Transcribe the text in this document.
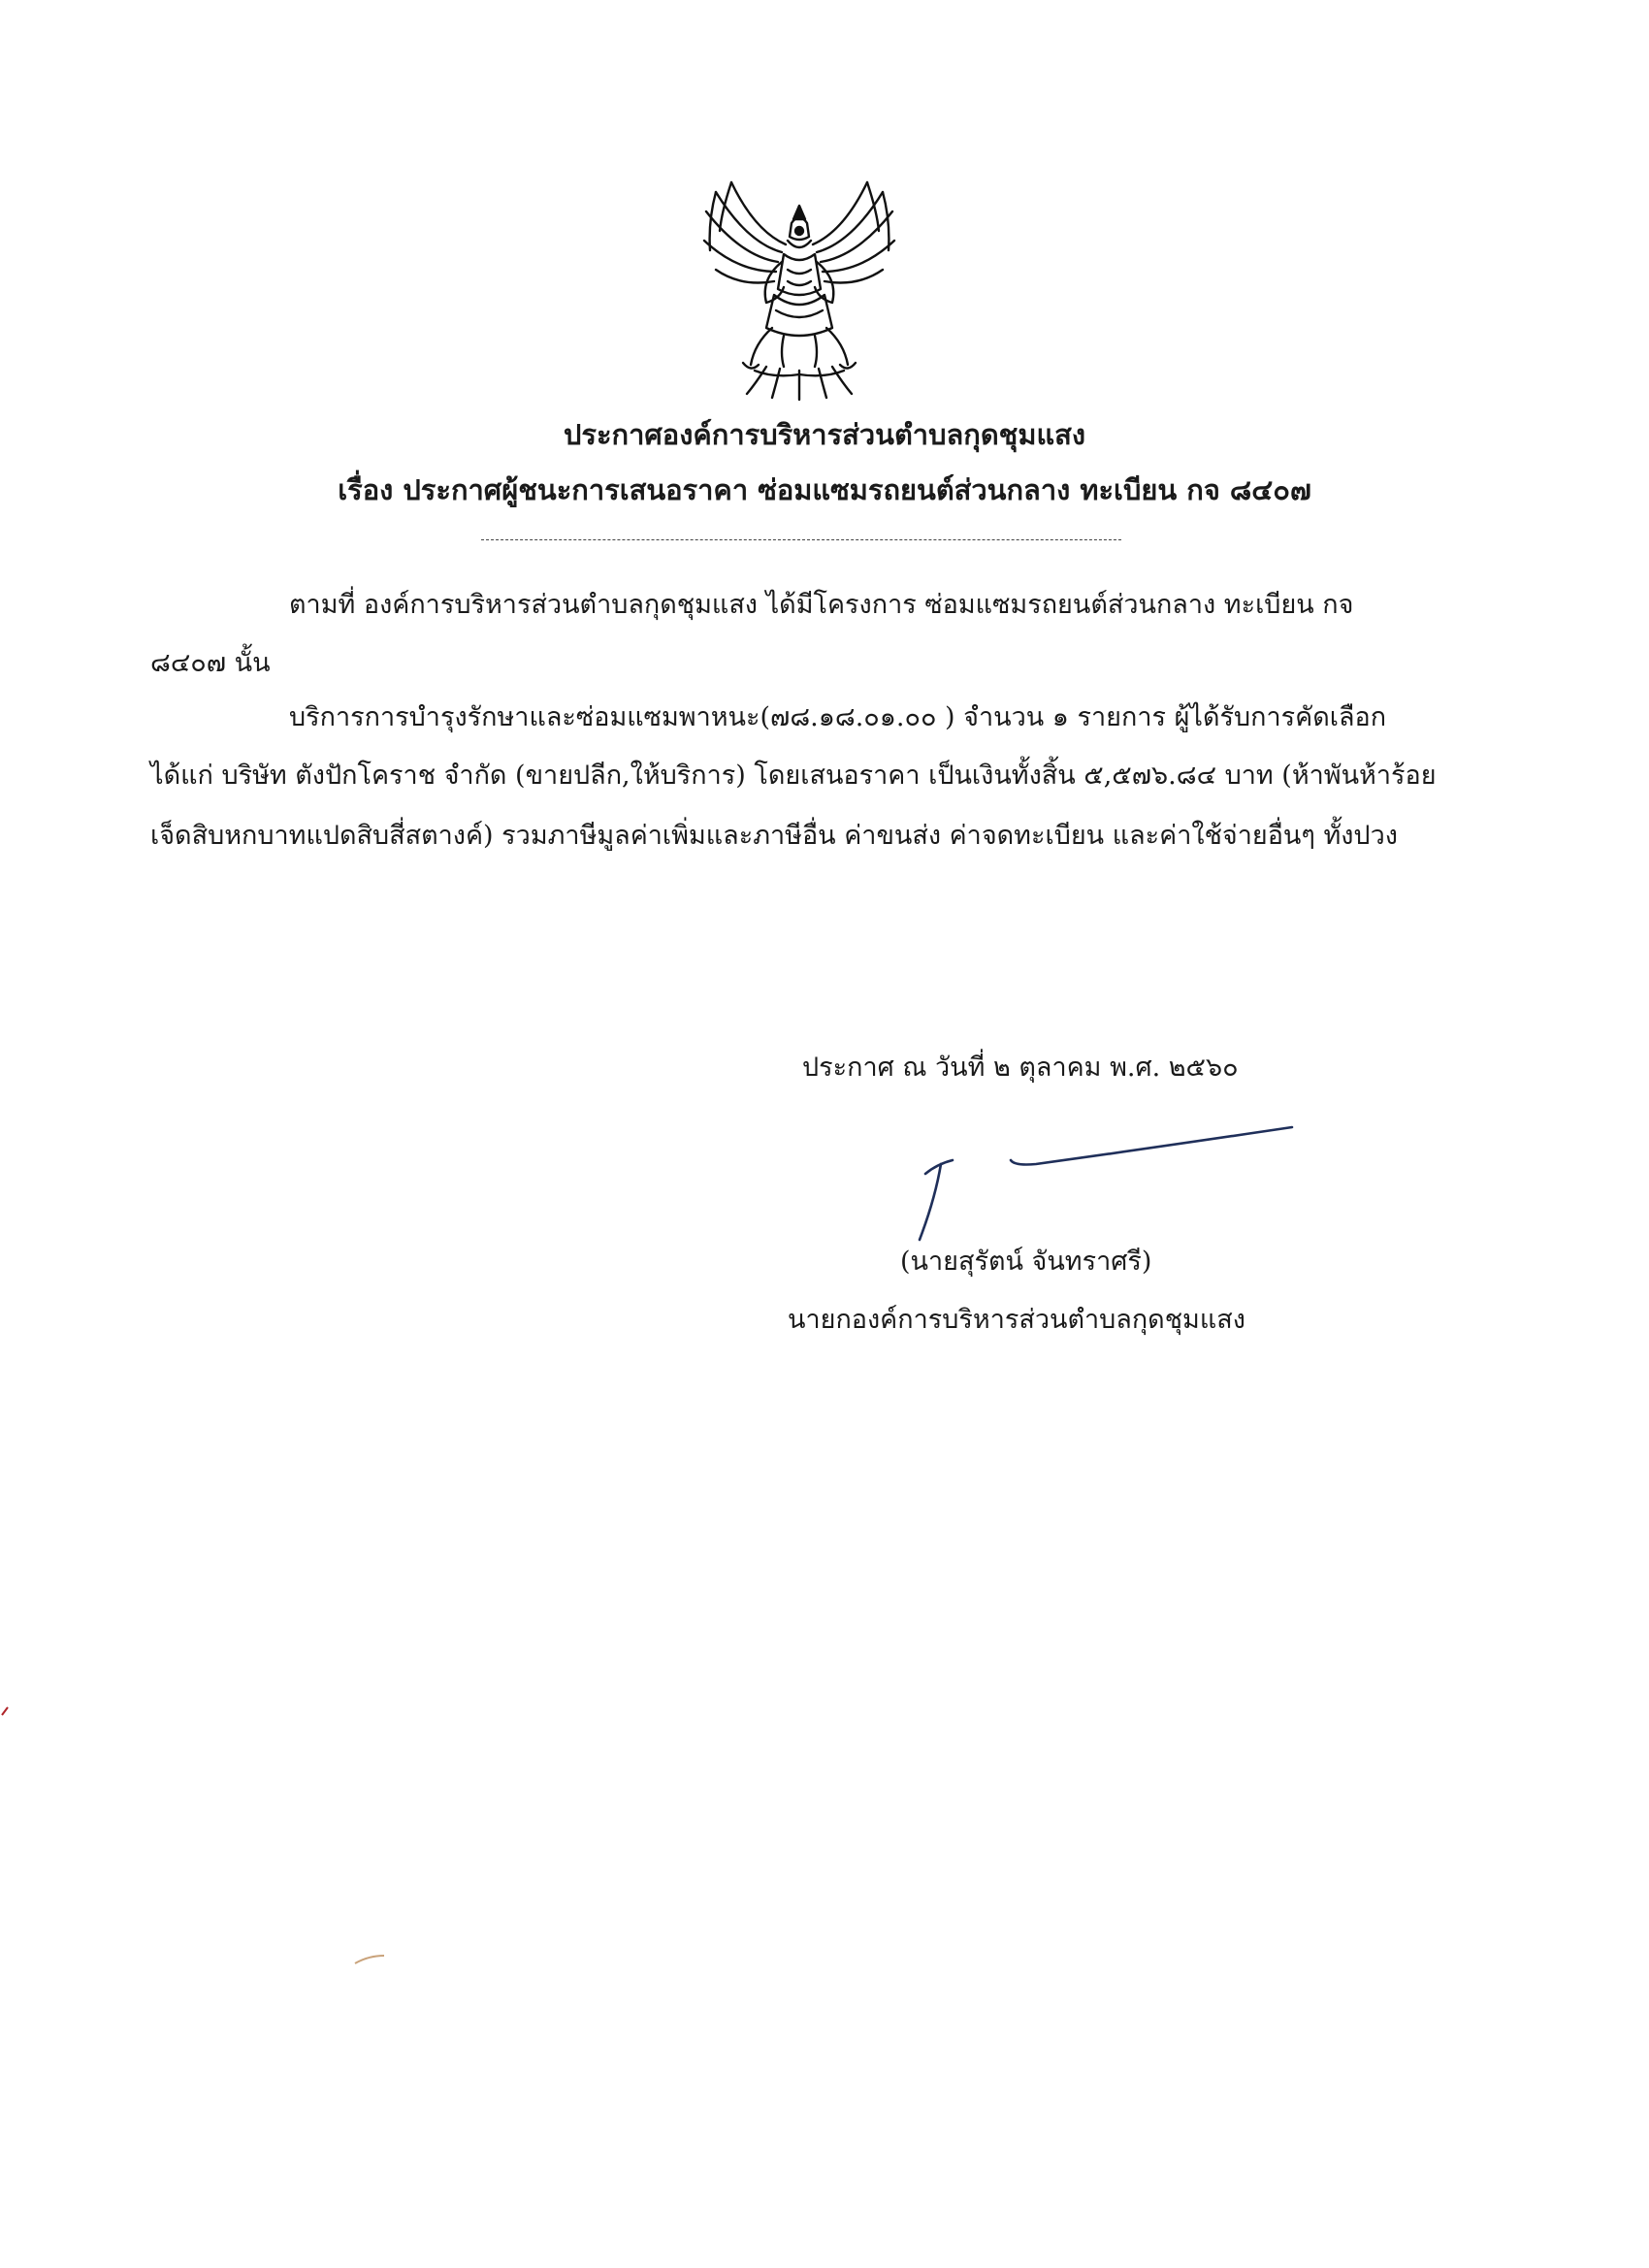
ประกาศองค์การบริหารส่วนตำบลกุดชุมแสง
เรื่อง ประกาศผู้ชนะการเสนอราคา ซ่อมแซมรถยนต์ส่วนกลาง ทะเบียน กจ ๘๔๐๗
ตามที่ องค์การบริหารส่วนตำบลกุดชุมแสง ได้มีโครงการ ซ่อมแซมรถยนต์ส่วนกลาง ทะเบียน กจ
๘๔๐๗ นั้น
บริการการบำรุงรักษาและซ่อมแซมพาหนะ(๗๘.๑๘.๐๑.๐๐ ) จำนวน ๑ รายการ ผู้ได้รับการคัดเลือก
ได้แก่ บริษัท ตังปักโคราช จำกัด (ขายปลีก,ให้บริการ) โดยเสนอราคา เป็นเงินทั้งสิ้น ๕,๕๗๖.๘๔ บาท (ห้าพันห้าร้อย
เจ็ดสิบหกบาทแปดสิบสี่สตางค์) รวมภาษีมูลค่าเพิ่มและภาษีอื่น ค่าขนส่ง ค่าจดทะเบียน และค่าใช้จ่ายอื่นๆ ทั้งปวง
ประกาศ ณ วันที่ ๒ ตุลาคม พ.ศ. ๒๕๖๐
(นายสุรัตน์ จันทราศรี)
นายกองค์การบริหารส่วนตำบลกุดชุมแสง
